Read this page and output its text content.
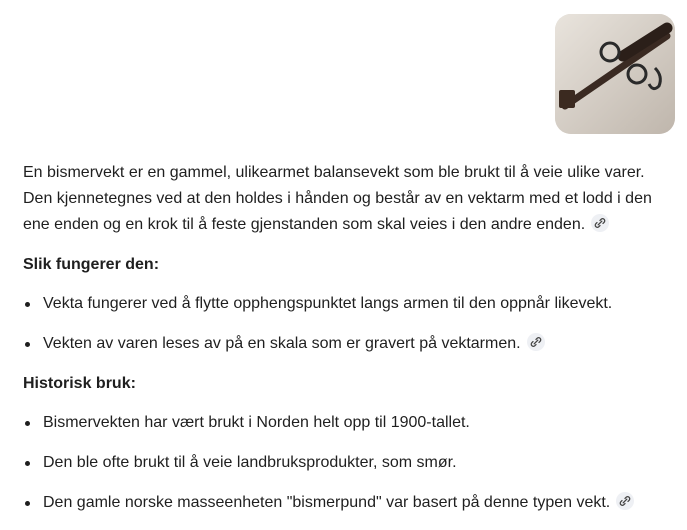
En bismervekt er en gammel, ulikearmet balansevekt som ble brukt til å veie ulike varer. Den kjennetegnes ved at den holdes i hånden og består av en vektarm med et lodd i den ene enden og en krok til å feste gjenstanden som skal veies i den andre enden.

Slik fungerer den:
Vekta fungerer ved å flytte opphengspunktet langs armen til den oppnår likevekt.
Vekten av varen leses av på en skala som er gravert på vektarmen.
Historisk bruk:
Bismervekten har vært brukt i Norden helt opp til 1900-tallet.
Den ble ofte brukt til å veie landbruksprodukter, som smør.
Den gamle norske masseenheten "bismerpund" var basert på denne typen vekt.
